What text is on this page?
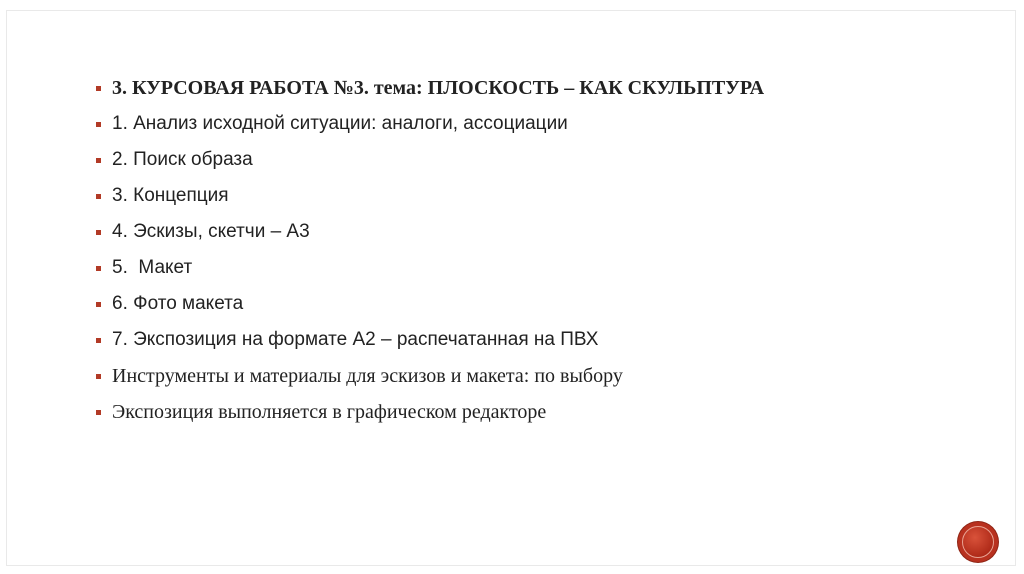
3. КУРСОВАЯ РАБОТА №3. тема: ПЛОСКОСТЬ – КАК СКУЛЬПТУРА
1. Анализ исходной ситуации: аналоги, ассоциации
2. Поиск образа
3. Концепция
4. Эскизы, скетчи – А3
5.  Макет
6. Фото макета
7. Экспозиция на формате А2 – распечатанная на ПВХ
Инструменты и материалы для эскизов и макета: по выбору
Экспозиция выполняется в графическом редакторе
